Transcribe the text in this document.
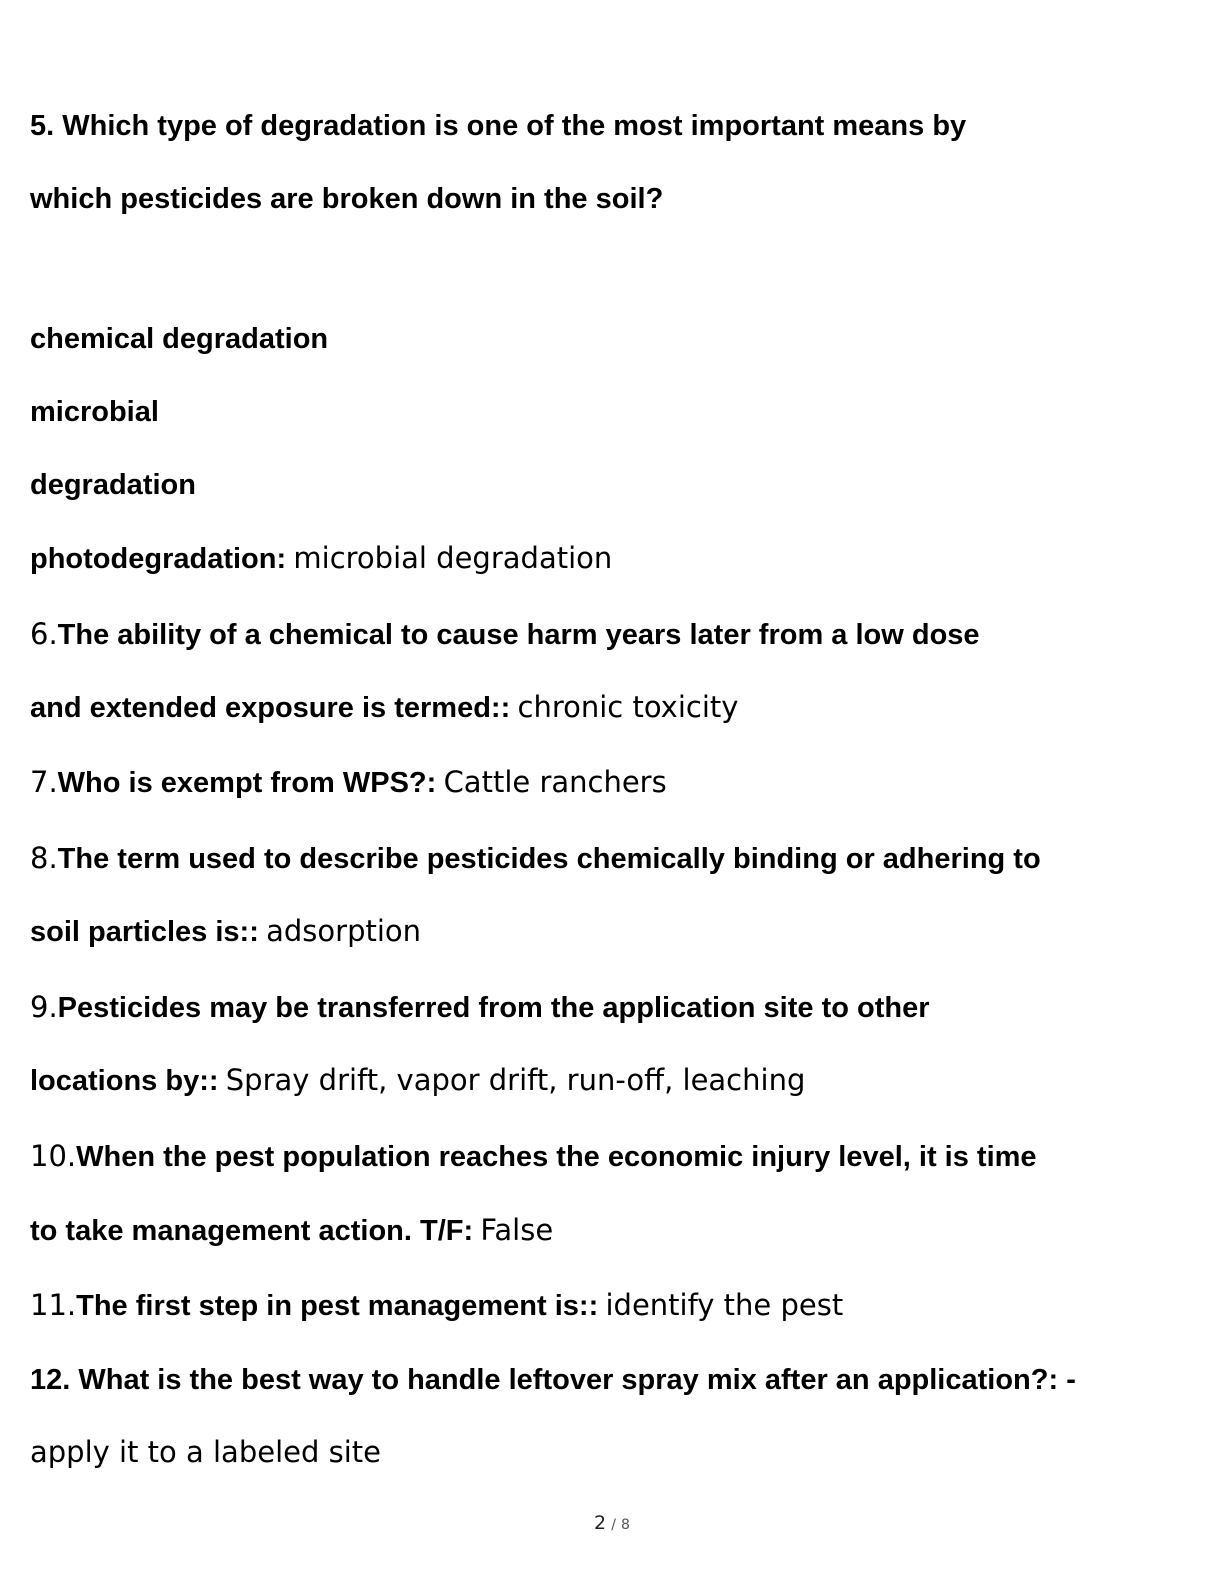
5. Which type of degradation is one of the most important means by
which pesticides are broken down in the soil?
chemical degradation
microbial
degradation
photodegradation: microbial degradation
6.The ability of a chemical to cause harm years later from a low dose
and extended exposure is termed:: chronic toxicity
7.Who is exempt from WPS?: Cattle ranchers
8.The term used to describe pesticides chemically binding or adhering to
soil particles is:: adsorption
9.Pesticides may be transferred from the application site to other
locations by:: Spray drift, vapor drift, run-off, leaching
10.When the pest population reaches the economic injury level, it is time
to take management action. T/F: False
11.The first step in pest management is:: identify the pest
12. What is the best way to handle leftover spray mix after an application?: -
apply it to a labeled site
2 / 8
